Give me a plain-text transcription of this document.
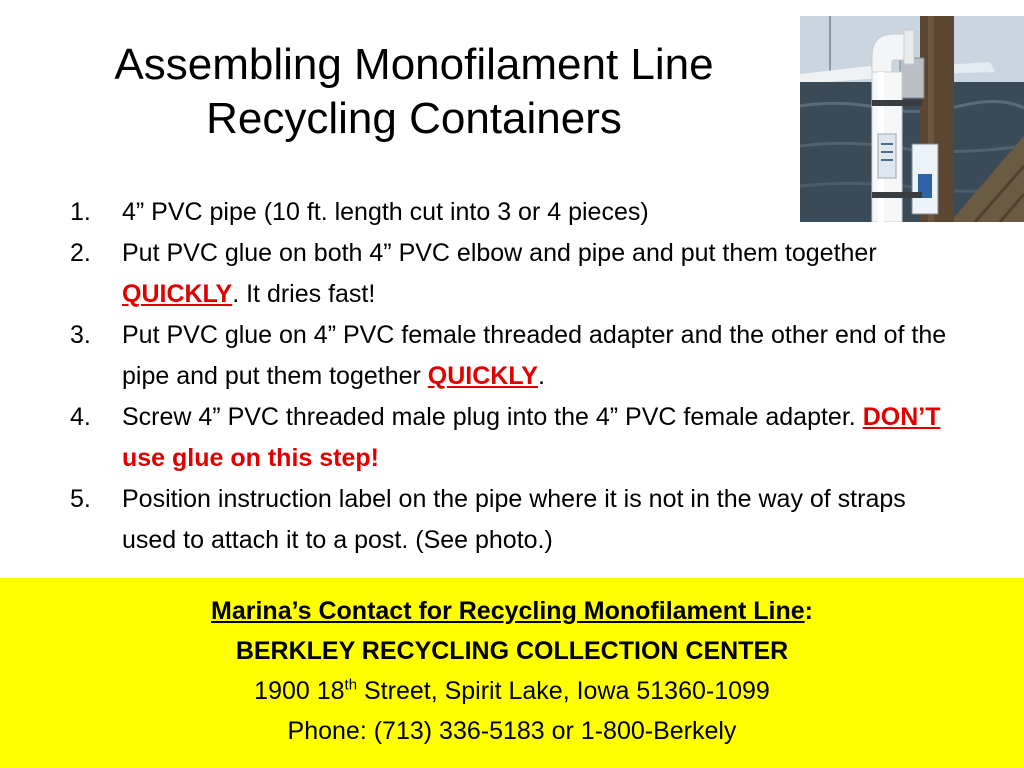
Assembling Monofilament Line
Recycling Containers
1. 4” PVC pipe (10 ft. length cut into 3 or 4 pieces)
2. Put PVC glue on both 4” PVC elbow and pipe and put them together QUICKLY. It dries fast!
3. Put PVC glue on 4” PVC female threaded adapter and the other end of the pipe and put them together QUICKLY.
4. Screw 4” PVC threaded male plug into the 4” PVC female adapter. DON’T use glue on this step!
5. Position instruction label on the pipe where it is not in the way of straps used to attach it to a post. (See photo.)
Marina’s Contact for Recycling Monofilament Line:
BERKLEY RECYCLING COLLECTION CENTER
1900 18th Street, Spirit Lake, Iowa 51360-1099
Phone: (713) 336-5183 or 1-800-Berkely
